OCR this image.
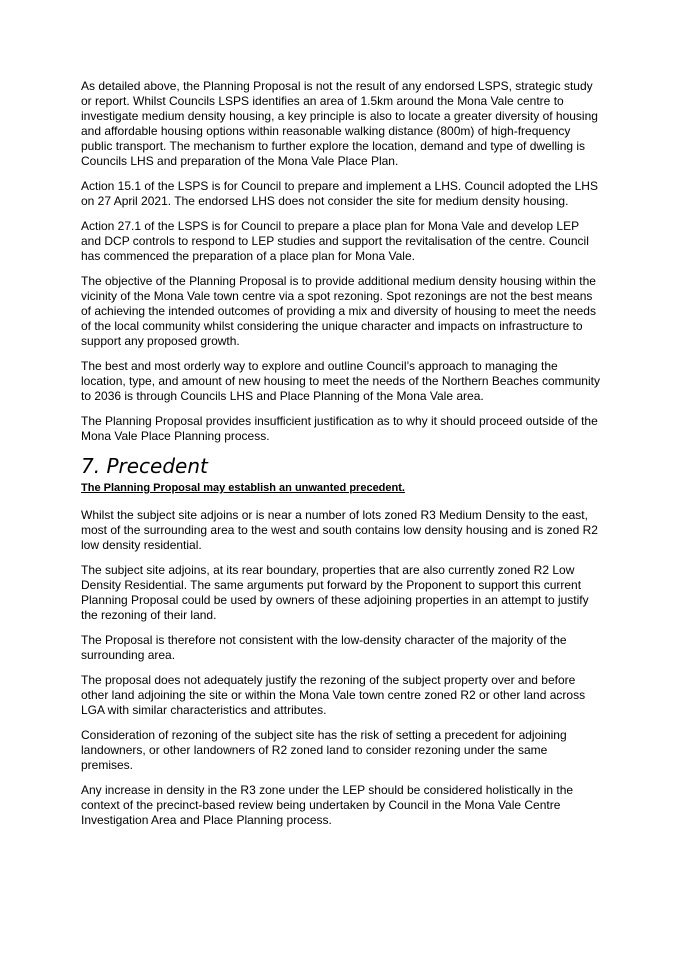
As detailed above, the Planning Proposal is not the result of any endorsed LSPS, strategic study or report. Whilst Councils LSPS identifies an area of 1.5km around the Mona Vale centre to investigate medium density housing, a key principle is also to locate a greater diversity of housing and affordable housing options within reasonable walking distance (800m) of high-frequency public transport. The mechanism to further explore the location, demand and type of dwelling is Councils LHS and preparation of the Mona Vale Place Plan.

Action 15.1 of the LSPS is for Council to prepare and implement a LHS. Council adopted the LHS on 27 April 2021. The endorsed LHS does not consider the site for medium density housing.

Action 27.1 of the LSPS is for Council to prepare a place plan for Mona Vale and develop LEP and DCP controls to respond to LEP studies and support the revitalisation of the centre. Council has commenced the preparation of a place plan for Mona Vale.

The objective of the Planning Proposal is to provide additional medium density housing within the vicinity of the Mona Vale town centre via a spot rezoning. Spot rezonings are not the best means of achieving the intended outcomes of providing a mix and diversity of housing to meet the needs of the local community whilst considering the unique character and impacts on infrastructure to support any proposed growth.

The best and most orderly way to explore and outline Council’s approach to managing the location, type, and amount of new housing to meet the needs of the Northern Beaches community to 2036 is through Councils LHS and Place Planning of the Mona Vale area.

The Planning Proposal provides insufficient justification as to why it should proceed outside of the Mona Vale Place Planning process.

7. Precedent
The Planning Proposal may establish an unwanted precedent.

Whilst the subject site adjoins or is near a number of lots zoned R3 Medium Density to the east, most of the surrounding area to the west and south contains low density housing and is zoned R2 low density residential.

The subject site adjoins, at its rear boundary, properties that are also currently zoned R2 Low Density Residential. The same arguments put forward by the Proponent to support this current Planning Proposal could be used by owners of these adjoining properties in an attempt to justify the rezoning of their land.

The Proposal is therefore not consistent with the low-density character of the majority of the surrounding area.

The proposal does not adequately justify the rezoning of the subject property over and before other land adjoining the site or within the Mona Vale town centre zoned R2 or other land across LGA with similar characteristics and attributes.

Consideration of rezoning of the subject site has the risk of setting a precedent for adjoining landowners, or other landowners of R2 zoned land to consider rezoning under the same premises.

Any increase in density in the R3 zone under the LEP should be considered holistically in the context of the precinct-based review being undertaken by Council in the Mona Vale Centre Investigation Area and Place Planning process.
